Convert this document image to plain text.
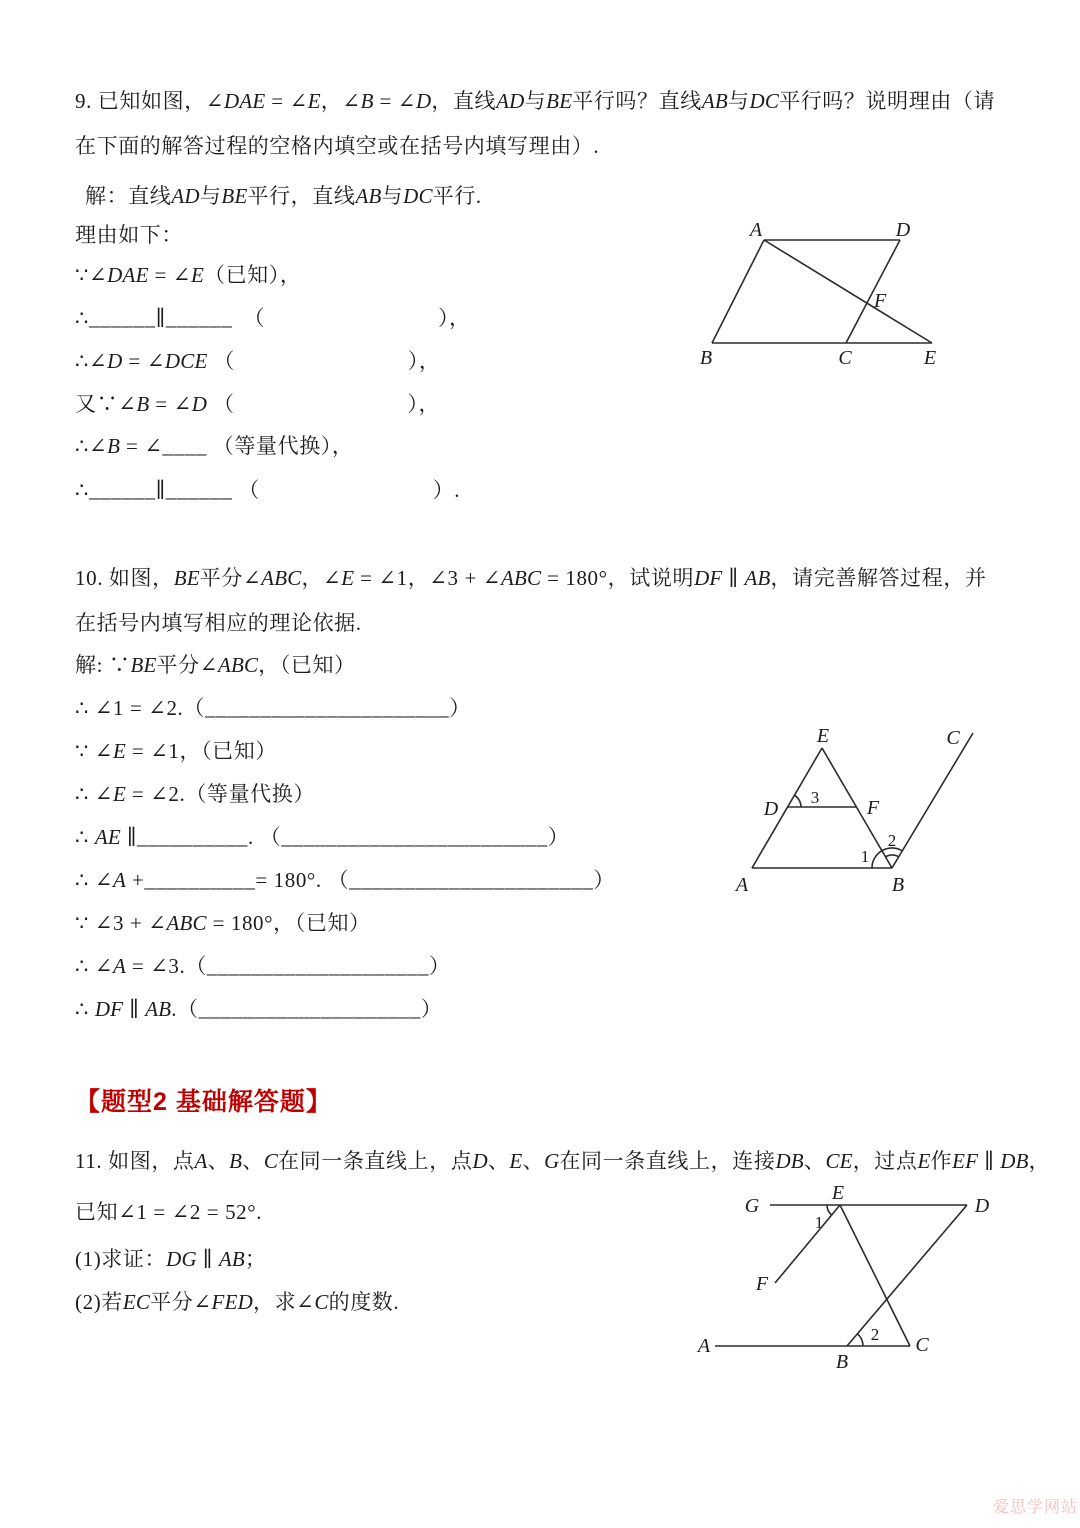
9. 已知如图，∠DAE = ∠E，∠B = ∠D，直线AD与BE平行吗？直线AB与DC平行吗？说明理由（请
在下面的解答过程的空格内填空或在括号内填写理由）.
解：直线AD与BE平行，直线AB与DC平行.
理由如下：
∵∠DAE = ∠E（已知），
∴______∥______　（　　　　　　　　），
∴∠D = ∠DCE （　　　　　　　　），
又∵∠B = ∠D （　　　　　　　　），
∴∠B = ∠____ （等量代换），
∴______∥______ （　　　　　　　　）.
A	D
B	C	E
F
10. 如图，BE平分∠ABC，∠E = ∠1，∠3 + ∠ABC = 180°，试说明DF ∥ AB，请完善解答过程，并
在括号内填写相应的理论依据.
解: ∵BE平分∠ABC，（已知）
∴ ∠1 = ∠2.（______________________）
∵ ∠E = ∠1，（已知）
∴ ∠E = ∠2.（等量代换）
∴ AE ∥__________. （________________________）
∴ ∠A +__________= 180°. （______________________）
∵ ∠3 + ∠ABC = 180°，（已知）
∴ ∠A = ∠3.（____________________）
∴ DF ∥ AB.（____________________）
E	C
D	F
A	B
3
2
1
【题型2 基础解答题】
11. 如图，点A、B、C在同一条直线上，点D、E、G在同一条直线上，连接DB、CE，过点E作EF ∥ DB，
已知∠1 = ∠2 = 52°.
(1)求证：DG ∥ AB；
(2)若EC平分∠FED，求∠C的度数.
G
E
D
F
A
B
C
1
2
爱思学网站
